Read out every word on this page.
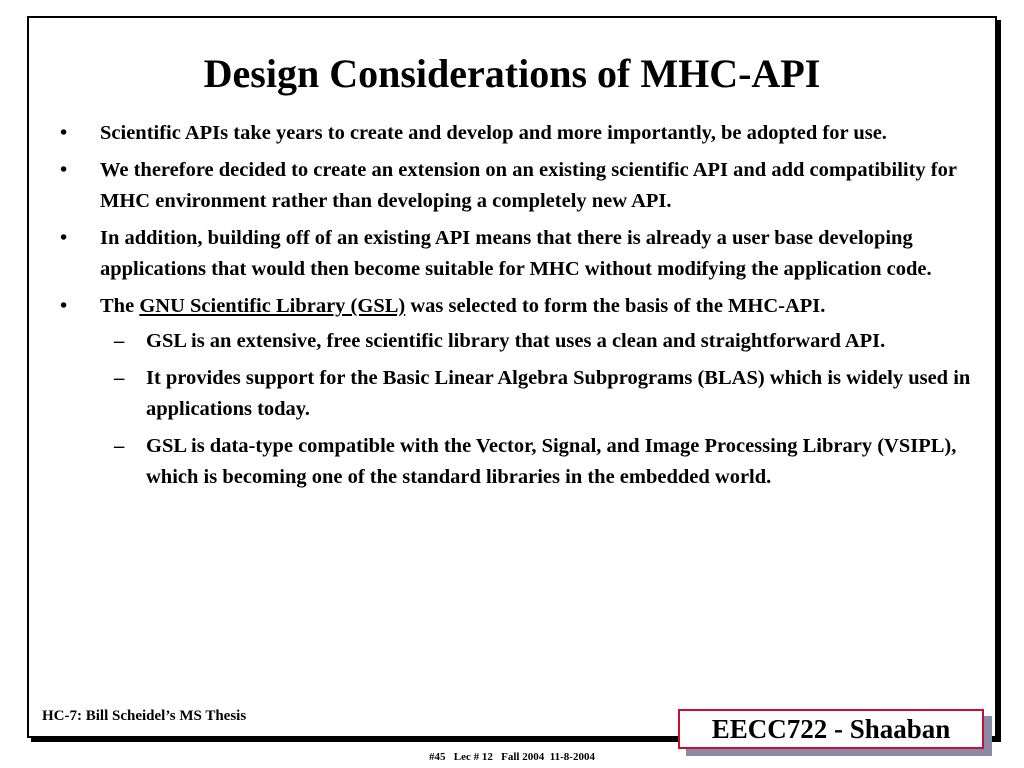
Design Considerations of MHC-API
•	Scientific APIs take years to create and develop and more importantly, be adopted for use.
•	We therefore decided to create an extension on an existing scientific API and add compatibility for MHC environment rather than developing a completely new API.
•	In addition, building off of an existing API means that there is already a user base developing applications that would then become suitable for MHC without modifying the application code.
•	The GNU Scientific Library (GSL) was selected to form the basis of the MHC-API.
– GSL is an extensive, free scientific library that uses a clean and straightforward API.
– It provides support for the Basic Linear Algebra Subprograms (BLAS) which is widely used in applications today.
– GSL is data-type compatible with the Vector, Signal, and Image Processing Library (VSIPL), which is becoming one of the standard libraries in the embedded world.
HC-7: Bill Scheidel’s MS Thesis	EECC722 - Shaaban
#45   Lec # 12   Fall 2004  11-8-2004
